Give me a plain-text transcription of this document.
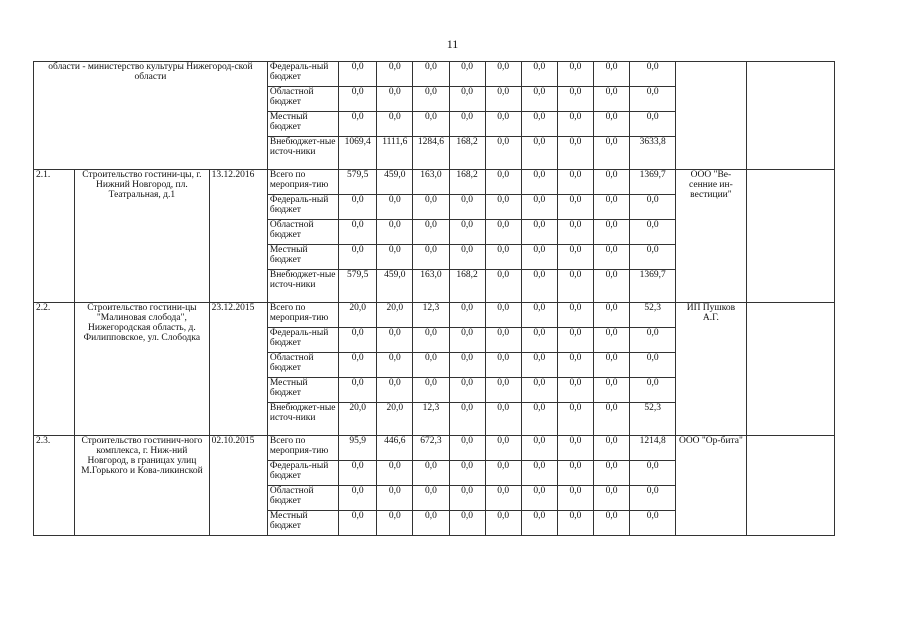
11
области - министерство культуры Нижегород-ской области			Федераль-ный бюджет	0,0	0,0	0,0	0,0	0,0	0,0	0,0	0,0	0,0		
			Областной бюджет	0,0	0,0	0,0	0,0	0,0	0,0	0,0	0,0	0,0		
			Местный бюджет	0,0	0,0	0,0	0,0	0,0	0,0	0,0	0,0	0,0		
			Внебюджет-ные источ-ники	1069,4	1111,6	1284,6	168,2	0,0	0,0	0,0	0,0	3633,8		
2.1.	Строительство гостини-цы, г. Нижний Новгород, пл. Театральная, д.1	13.12.2016	Всего по мероприя-тию	579,5	459,0	163,0	168,2	0,0	0,0	0,0	0,0	1369,7	ООО "Ве-сенние ин-вестиции"	
			Федераль-ный бюджет	0,0	0,0	0,0	0,0	0,0	0,0	0,0	0,0	0,0		
			Областной бюджет	0,0	0,0	0,0	0,0	0,0	0,0	0,0	0,0	0,0		
			Местный бюджет	0,0	0,0	0,0	0,0	0,0	0,0	0,0	0,0	0,0		
			Внебюджет-ные источ-ники	579,5	459,0	163,0	168,2	0,0	0,0	0,0	0,0	1369,7		
2.2.	Строительство гостини-цы "Малиновая слобода", Нижегородская область, д. Филипповское, ул. Слободка	23.12.2015	Всего по мероприя-тию	20,0	20,0	12,3	0,0	0,0	0,0	0,0	0,0	52,3	ИП Пушков А.Г.	
			Федераль-ный бюджет	0,0	0,0	0,0	0,0	0,0	0,0	0,0	0,0	0,0		
			Областной бюджет	0,0	0,0	0,0	0,0	0,0	0,0	0,0	0,0	0,0		
			Местный бюджет	0,0	0,0	0,0	0,0	0,0	0,0	0,0	0,0	0,0		
			Внебюджет-ные источ-ники	20,0	20,0	12,3	0,0	0,0	0,0	0,0	0,0	52,3		
2.3.	Строительство гостинич-ного комплекса, г. Ниж-ний Новгород, в границах улиц М.Горького и Кова-ликинской	02.10.2015	Всего по мероприя-тию	95,9	446,6	672,3	0,0	0,0	0,0	0,0	0,0	1214,8	ООО "Ор-бита"	
			Федераль-ный бюджет	0,0	0,0	0,0	0,0	0,0	0,0	0,0	0,0	0,0		
			Областной бюджет	0,0	0,0	0,0	0,0	0,0	0,0	0,0	0,0	0,0		
			Местный бюджет	0,0	0,0	0,0	0,0	0,0	0,0	0,0	0,0	0,0		
